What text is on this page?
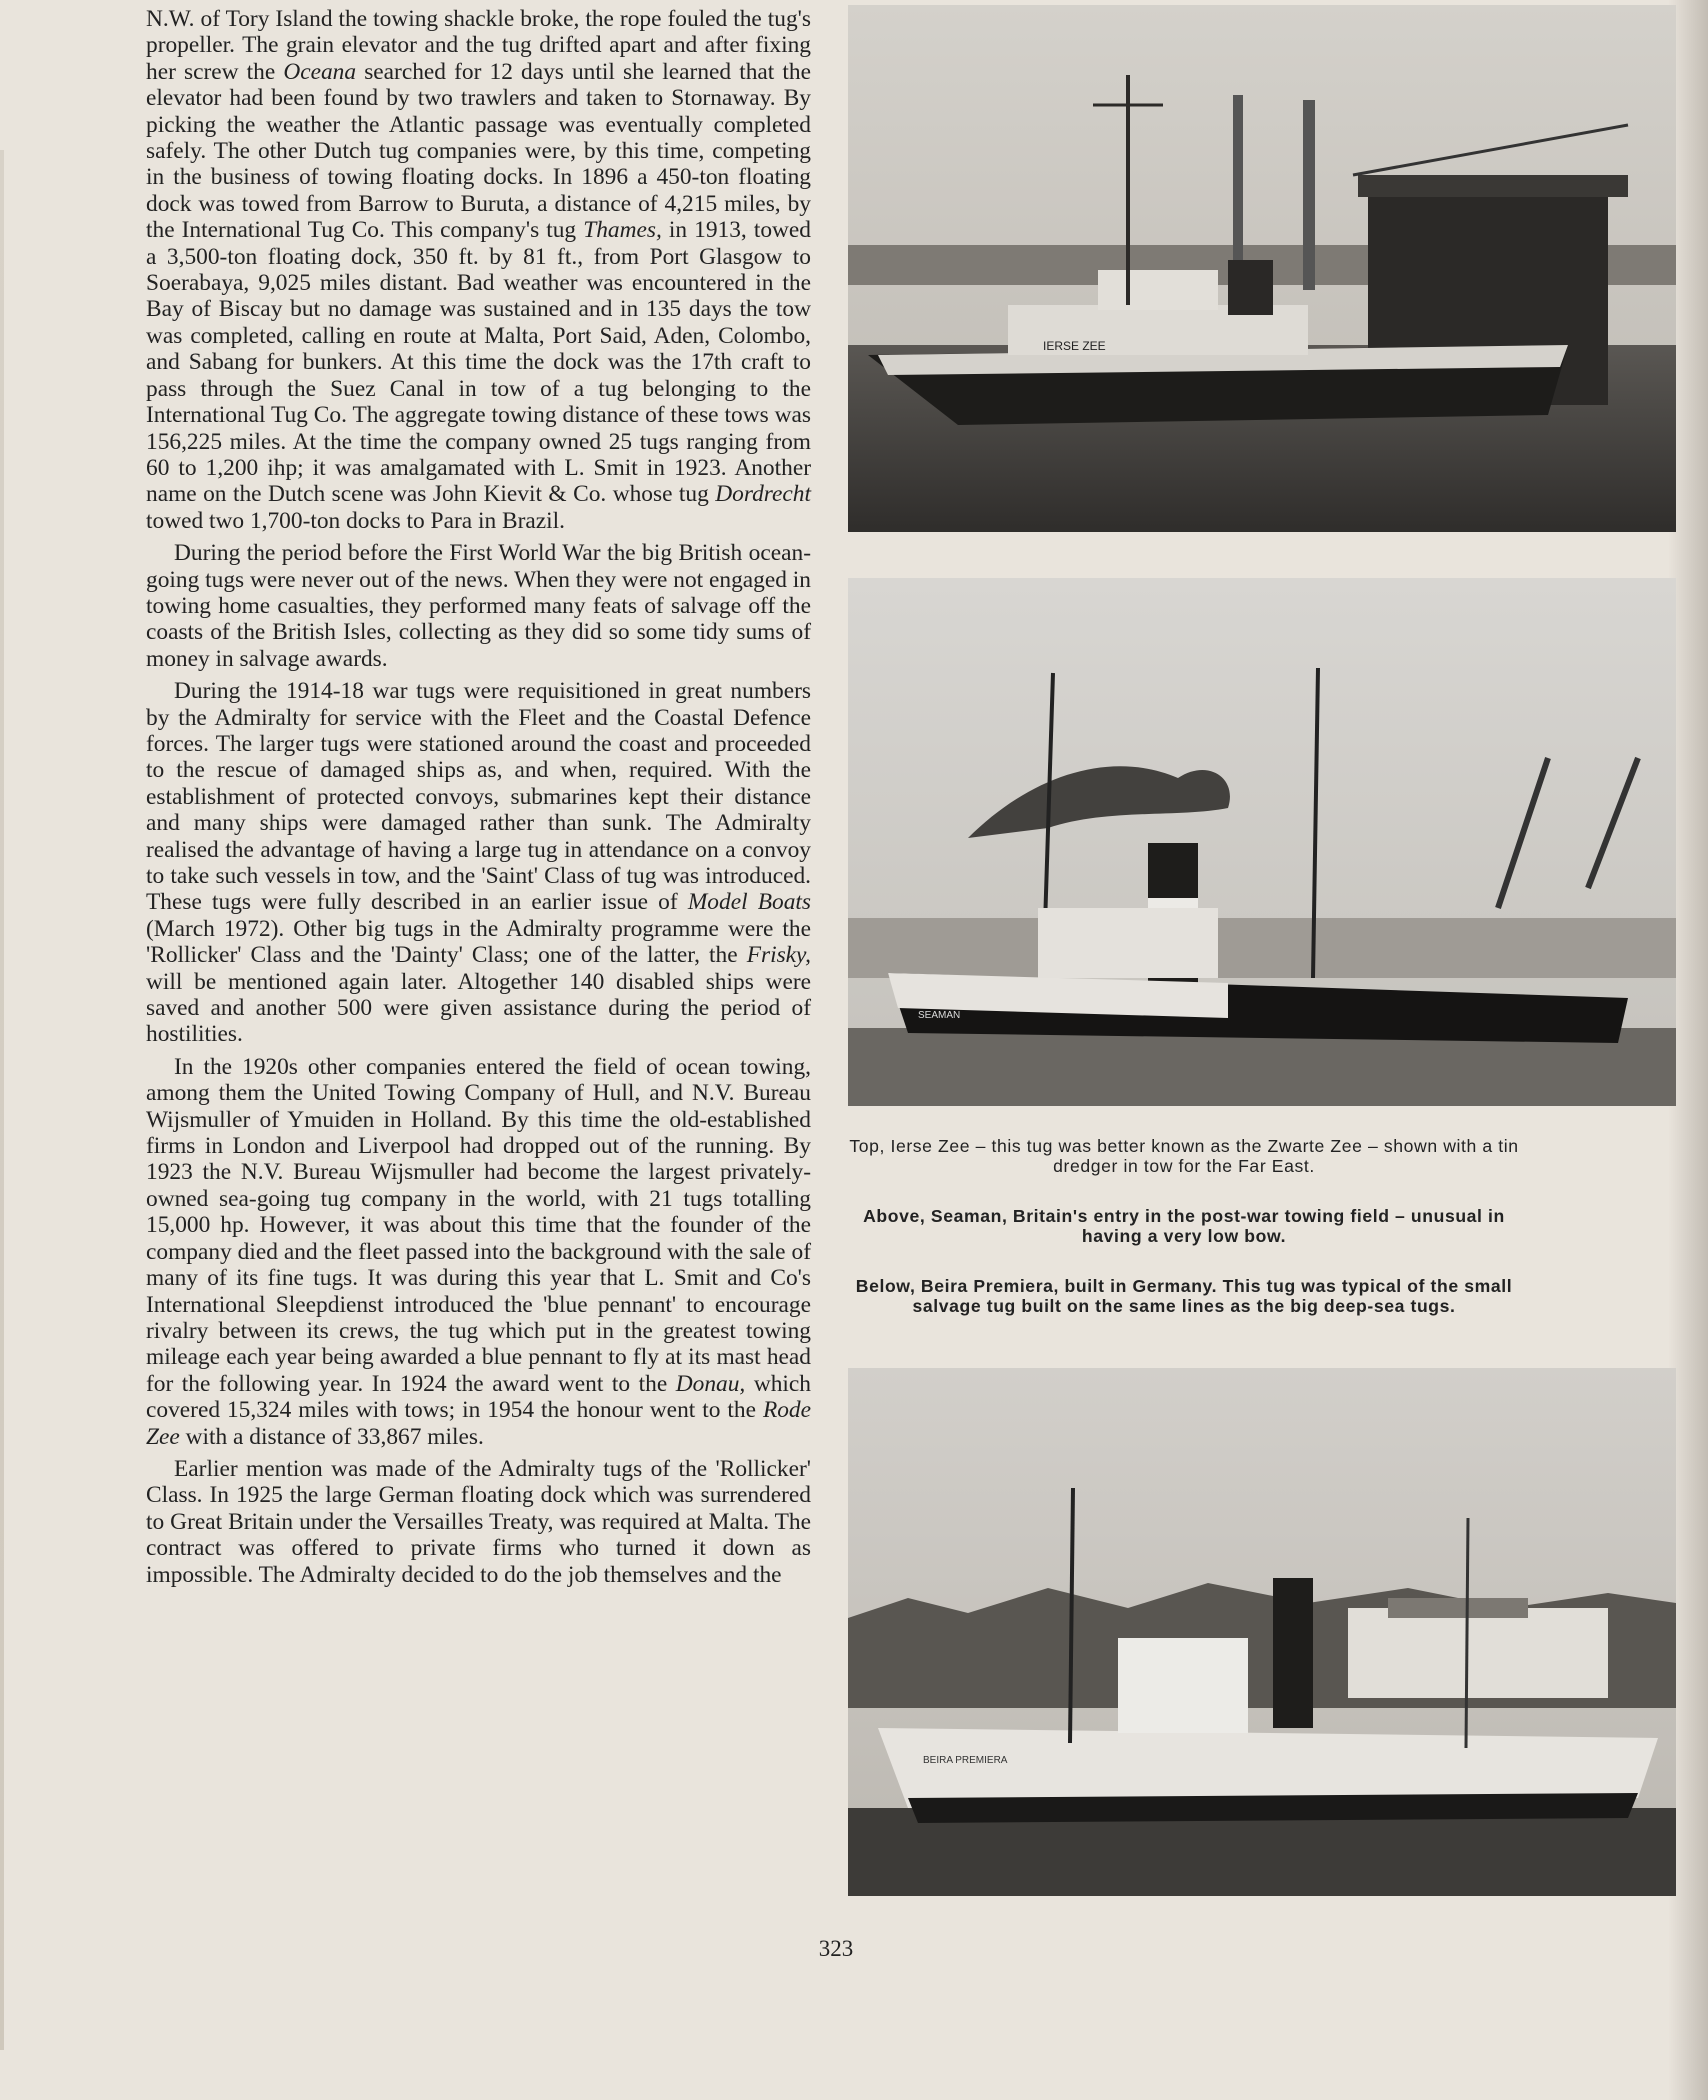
N.W. of Tory Island the towing shackle broke, the rope fouled the tug's propeller. The grain elevator and the tug drifted apart and after fixing her screw the Oceana searched for 12 days until she learned that the elevator had been found by two trawlers and taken to Stornaway. By picking the weather the Atlantic passage was eventually completed safely. The other Dutch tug companies were, by this time, competing in the business of towing floating docks. In 1896 a 450-ton floating dock was towed from Barrow to Buruta, a distance of 4,215 miles, by the International Tug Co. This company's tug Thames, in 1913, towed a 3,500-ton floating dock, 350 ft. by 81 ft., from Port Glasgow to Soerabaya, 9,025 miles distant. Bad weather was encountered in the Bay of Biscay but no damage was sustained and in 135 days the tow was completed, calling en route at Malta, Port Said, Aden, Colombo, and Sabang for bunkers. At this time the dock was the 17th craft to pass through the Suez Canal in tow of a tug belonging to the International Tug Co. The aggregate towing distance of these tows was 156,225 miles. At the time the company owned 25 tugs ranging from 60 to 1,200 ihp; it was amalgamated with L. Smit in 1923. Another name on the Dutch scene was John Kievit & Co. whose tug Dordrecht towed two 1,700-ton docks to Para in Brazil.

During the period before the First World War the big British ocean-going tugs were never out of the news. When they were not engaged in towing home casualties, they performed many feats of salvage off the coasts of the British Isles, collecting as they did so some tidy sums of money in salvage awards.

During the 1914-18 war tugs were requisitioned in great numbers by the Admiralty for service with the Fleet and the Coastal Defence forces. The larger tugs were stationed around the coast and proceeded to the rescue of damaged ships as, and when, required. With the establishment of protected convoys, submarines kept their distance and many ships were damaged rather than sunk. The Admiralty realised the advantage of having a large tug in attendance on a convoy to take such vessels in tow, and the 'Saint' Class of tug was introduced. These tugs were fully described in an earlier issue of Model Boats (March 1972). Other big tugs in the Admiralty programme were the 'Rollicker' Class and the 'Dainty' Class; one of the latter, the Frisky, will be mentioned again later. Altogether 140 disabled ships were saved and another 500 were given assistance during the period of hostilities.

In the 1920s other companies entered the field of ocean towing, among them the United Towing Company of Hull, and N.V. Bureau Wijsmuller of Ymuiden in Holland. By this time the old-established firms in London and Liverpool had dropped out of the running. By 1923 the N.V. Bureau Wijsmuller had become the largest privately-owned sea-going tug company in the world, with 21 tugs totalling 15,000 hp. However, it was about this time that the founder of the company died and the fleet passed into the background with the sale of many of its fine tugs. It was during this year that L. Smit and Co's International Sleepdienst introduced the 'blue pennant' to encourage rivalry between its crews, the tug which put in the greatest towing mileage each year being awarded a blue pennant to fly at its mast head for the following year. In 1924 the award went to the Donau, which covered 15,324 miles with tows; in 1954 the honour went to the Rode Zee with a distance of 33,867 miles.

Earlier mention was made of the Admiralty tugs of the 'Rollicker' Class. In 1925 the large German floating dock which was surrendered to Great Britain under the Versailles Treaty, was required at Malta. The contract was offered to private firms who turned it down as impossible. The Admiralty decided to do the job themselves and the

IERSE ZEE
SEAMAN

Top, Ierse Zee – this tug was better known as the Zwarte Zee – shown with a tin dredger in tow for the Far East.

Above, Seaman, Britain's entry in the post-war towing field – unusual in having a very low bow.

Below, Beira Premiera, built in Germany. This tug was typical of the small salvage tug built on the same lines as the big deep-sea tugs.

BEIRA PREMIERA
323
